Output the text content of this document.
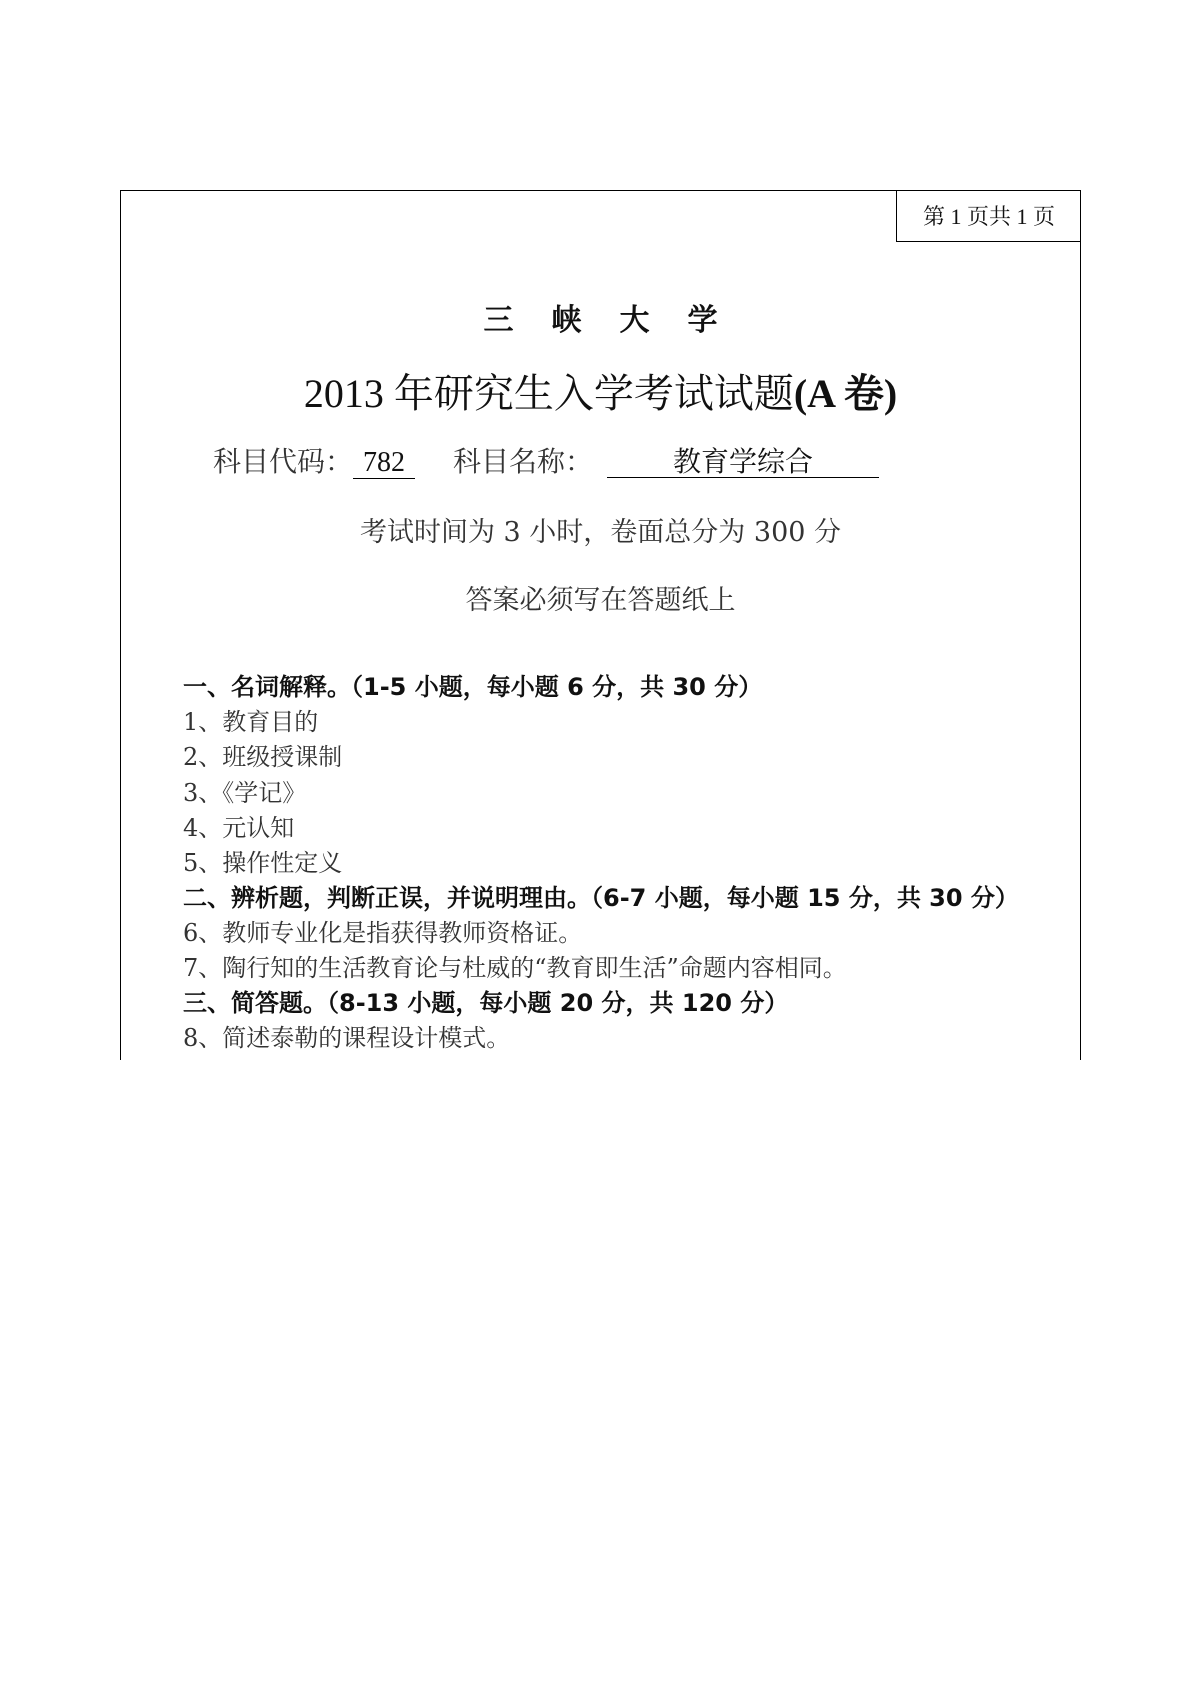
第 1 页共 1 页
三峡大学
2013 年研究生入学考试试题(A 卷)
科目代码： 782 科目名称：	教育学综合
考试时间为 3 小时，卷面总分为 300 分
答案必须写在答题纸上
一、名词解释。（1-5 小题，每小题 6 分，共 30 分）
1、教育目的
2、班级授课制
3、《学记》
4、元认知
5、操作性定义
二、辨析题，判断正误，并说明理由。（6-7 小题，每小题 15 分，共 30 分）
6、教师专业化是指获得教师资格证。
7、陶行知的生活教育论与杜威的“教育即生活”命题内容相同。
三、简答题。（8-13 小题，每小题 20 分，共 120 分）
8、简述泰勒的课程设计模式。
